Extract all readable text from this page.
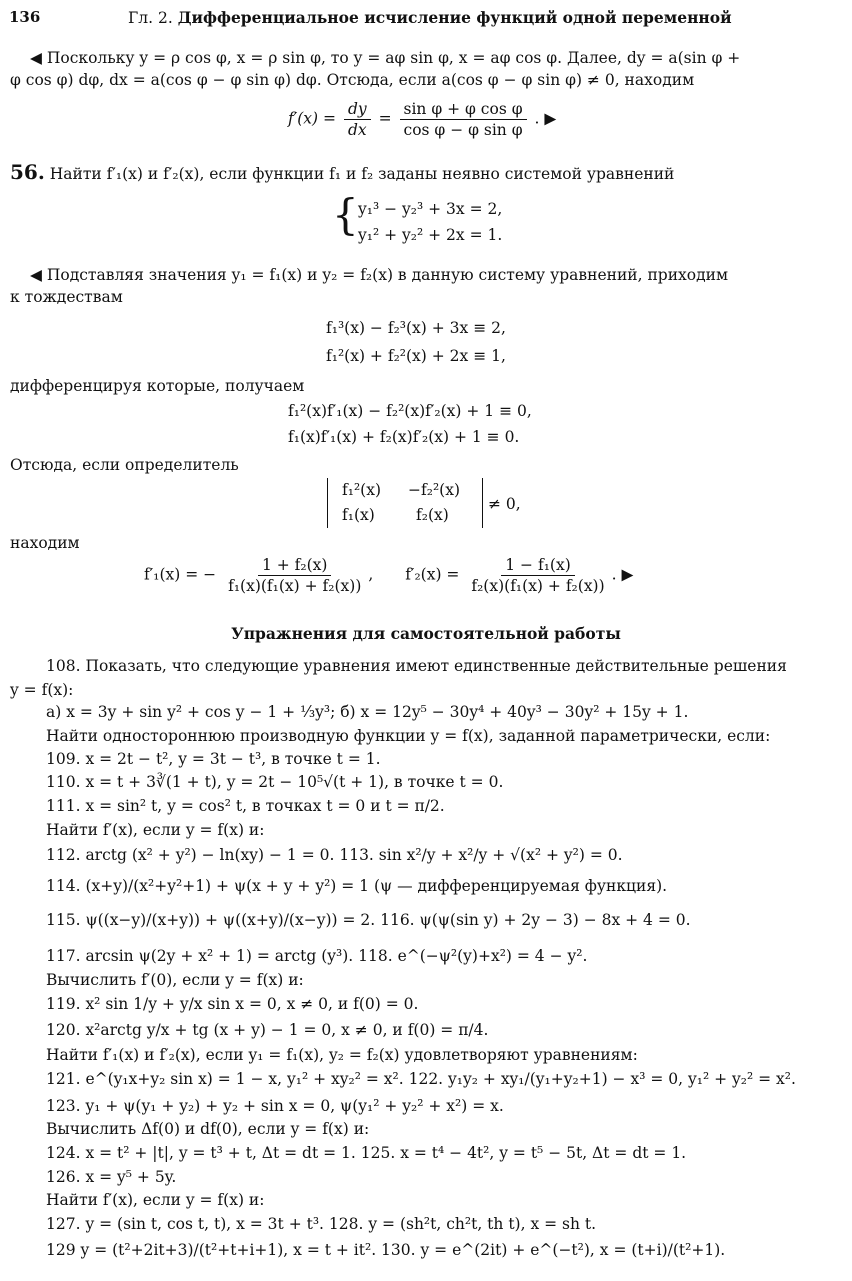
136	Гл. 2. Дифференциальное исчисление функций одной переменной
◀ Поскольку y = ρ cos φ, x = ρ sin φ, то y = aφ sin φ, x = aφ cos φ. Далее, dy = a(sin φ +
φ cos φ) dφ, dx = a(cos φ − φ sin φ) dφ. Отсюда, если a(cos φ − φ sin φ) ≠ 0, находим
$f'(x) = \frac{dy}{dx} = \frac{\text{sin φ + φ cos φ}}{\text{cos φ − φ sin φ}}$ . ▶
56. Найти f′₁(x) и f′₂(x), если функции f₁ и f₂ заданы неявно системой уравнений
{ y₁³ − y₂³ + 3x = 2,
y₁² + y₂² + 2x = 1.
◀ Подставляя значения y₁ = f₁(x) и y₂ = f₂(x) в данную систему уравнений, приходим
к тождествам
f₁³(x) − f₂³(x) + 3x ≡ 2,
f₁²(x) + f₂²(x) + 2x ≡ 1,
дифференцируя которые, получаем
f₁²(x)f′₁(x) − f₂²(x)f′₂(x) + 1 ≡ 0,
f₁(x)f′₁(x) + f₂(x)f′₂(x) + 1 ≡ 0.
Отсюда, если определитель
f₁²(x) −f₂²(x)
f₁(x)	f₂(x)
≠ 0,
находим
f′₁(x) = − $\frac{\text{1 + f₂(x)}}{\text{f₁(x)(f₁(x) + f₂(x))}}$ , $f'_2(x) = \frac{\text{1 − f₁(x)}}{\text{f₂(x)(f₁(x) + f₂(x))}}$ . ▶
Упражнения для самостоятельной работы
108. Показать, что следующие уравнения имеют единственные действительные решения
y = f(x):
а) x = 3y + sin y² + cos y − 1 + ⅓y³; б) x = 12y⁵ − 30y⁴ + 40y³ − 30y² + 15y + 1.
Найти одностороннюю производную функции y = f(x), заданной параметрически, если:
109. x = 2t − t², y = 3t − t³, в точке t = 1.
110. x = t + 3∛(1 + t), y = 2t − 10⁵√(t + 1), в точке t = 0.
111. x = sin² t, y = cos² t, в точках t = 0 и t = π/2.
Найти f′(x), если y = f(x) и:
112. arctg (x² + y²) − ln(xy) − 1 = 0. 113. sin x²/y + x²/y + √(x² + y²) = 0.
114. (x+y)/(x²+y²+1) + ψ(x + y + y²) = 1 (ψ — дифференцируемая функция).
115. ψ((x−y)/(x+y)) + ψ((x+y)/(x−y)) = 2. 116. ψ(ψ(sin y) + 2y − 3) − 8x + 4 = 0.
117. arcsin ψ(2y + x² + 1) = arctg (y³). 118. e^(−ψ²(y)+x²) = 4 − y².
Вычислить f′(0), если y = f(x) и:
119. x² sin 1/y + y/x sin x = 0, x ≠ 0, и f(0) = 0.
120. x²arctg y/x + tg (x + y) − 1 = 0, x ≠ 0, и f(0) = π/4.
Найти f′₁(x) и f′₂(x), если y₁ = f₁(x), y₂ = f₂(x) удовлетворяют уравнениям:
121. e^(y₁x+y₂ sin x) = 1 − x, y₁² + xy₂² = x². 122. y₁y₂ + xy₁/(y₁+y₂+1) − x³ = 0, y₁² + y₂² = x².
123. y₁ + ψ(y₁ + y₂) + y₂ + sin x = 0, ψ(y₁² + y₂² + x²) = x.
Вычислить Δf(0) и df(0), если y = f(x) и:
124. x = t² + |t|, y = t³ + t, Δt = dt = 1. 125. x = t⁴ − 4t², y = t⁵ − 5t, Δt = dt = 1.
126. x = y⁵ + 5y.
Найти f′(x), если y = f(x) и:
127. y = (sin t, cos t, t), x = 3t + t³. 128. y = (sh²t, ch²t, th t), x = sh t.
129 y = (t²+2it+3)/(t²+t+i+1), x = t + it². 130. y = e^(2it) + e^(−t²), x = (t+i)/(t²+1).
